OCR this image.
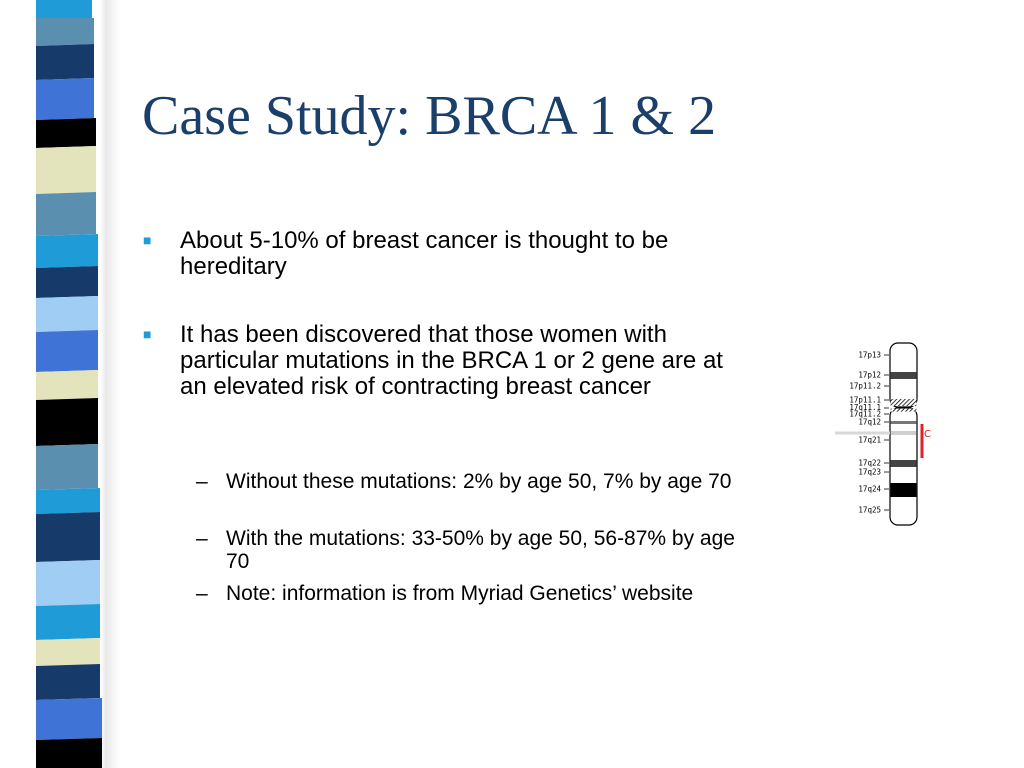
Case Study: BRCA 1 & 2
■ About 5-10% of breast cancer is thought to be hereditary

■ It has been discovered that those women with particular mutations in the BRCA 1 or 2 gene are at an elevated risk of contracting breast cancer

– Without these mutations: 2% by age 50, 7% by age 70

– With the mutations: 33-50% by age 50, 56-87% by age 70

– Note: information is from Myriad Genetics’ website

17p13
17p12
17p11.2
17p11.1
17q11.1
17q11.2
17q12
17q21
17q22
17q23
17q24
17q25
C
